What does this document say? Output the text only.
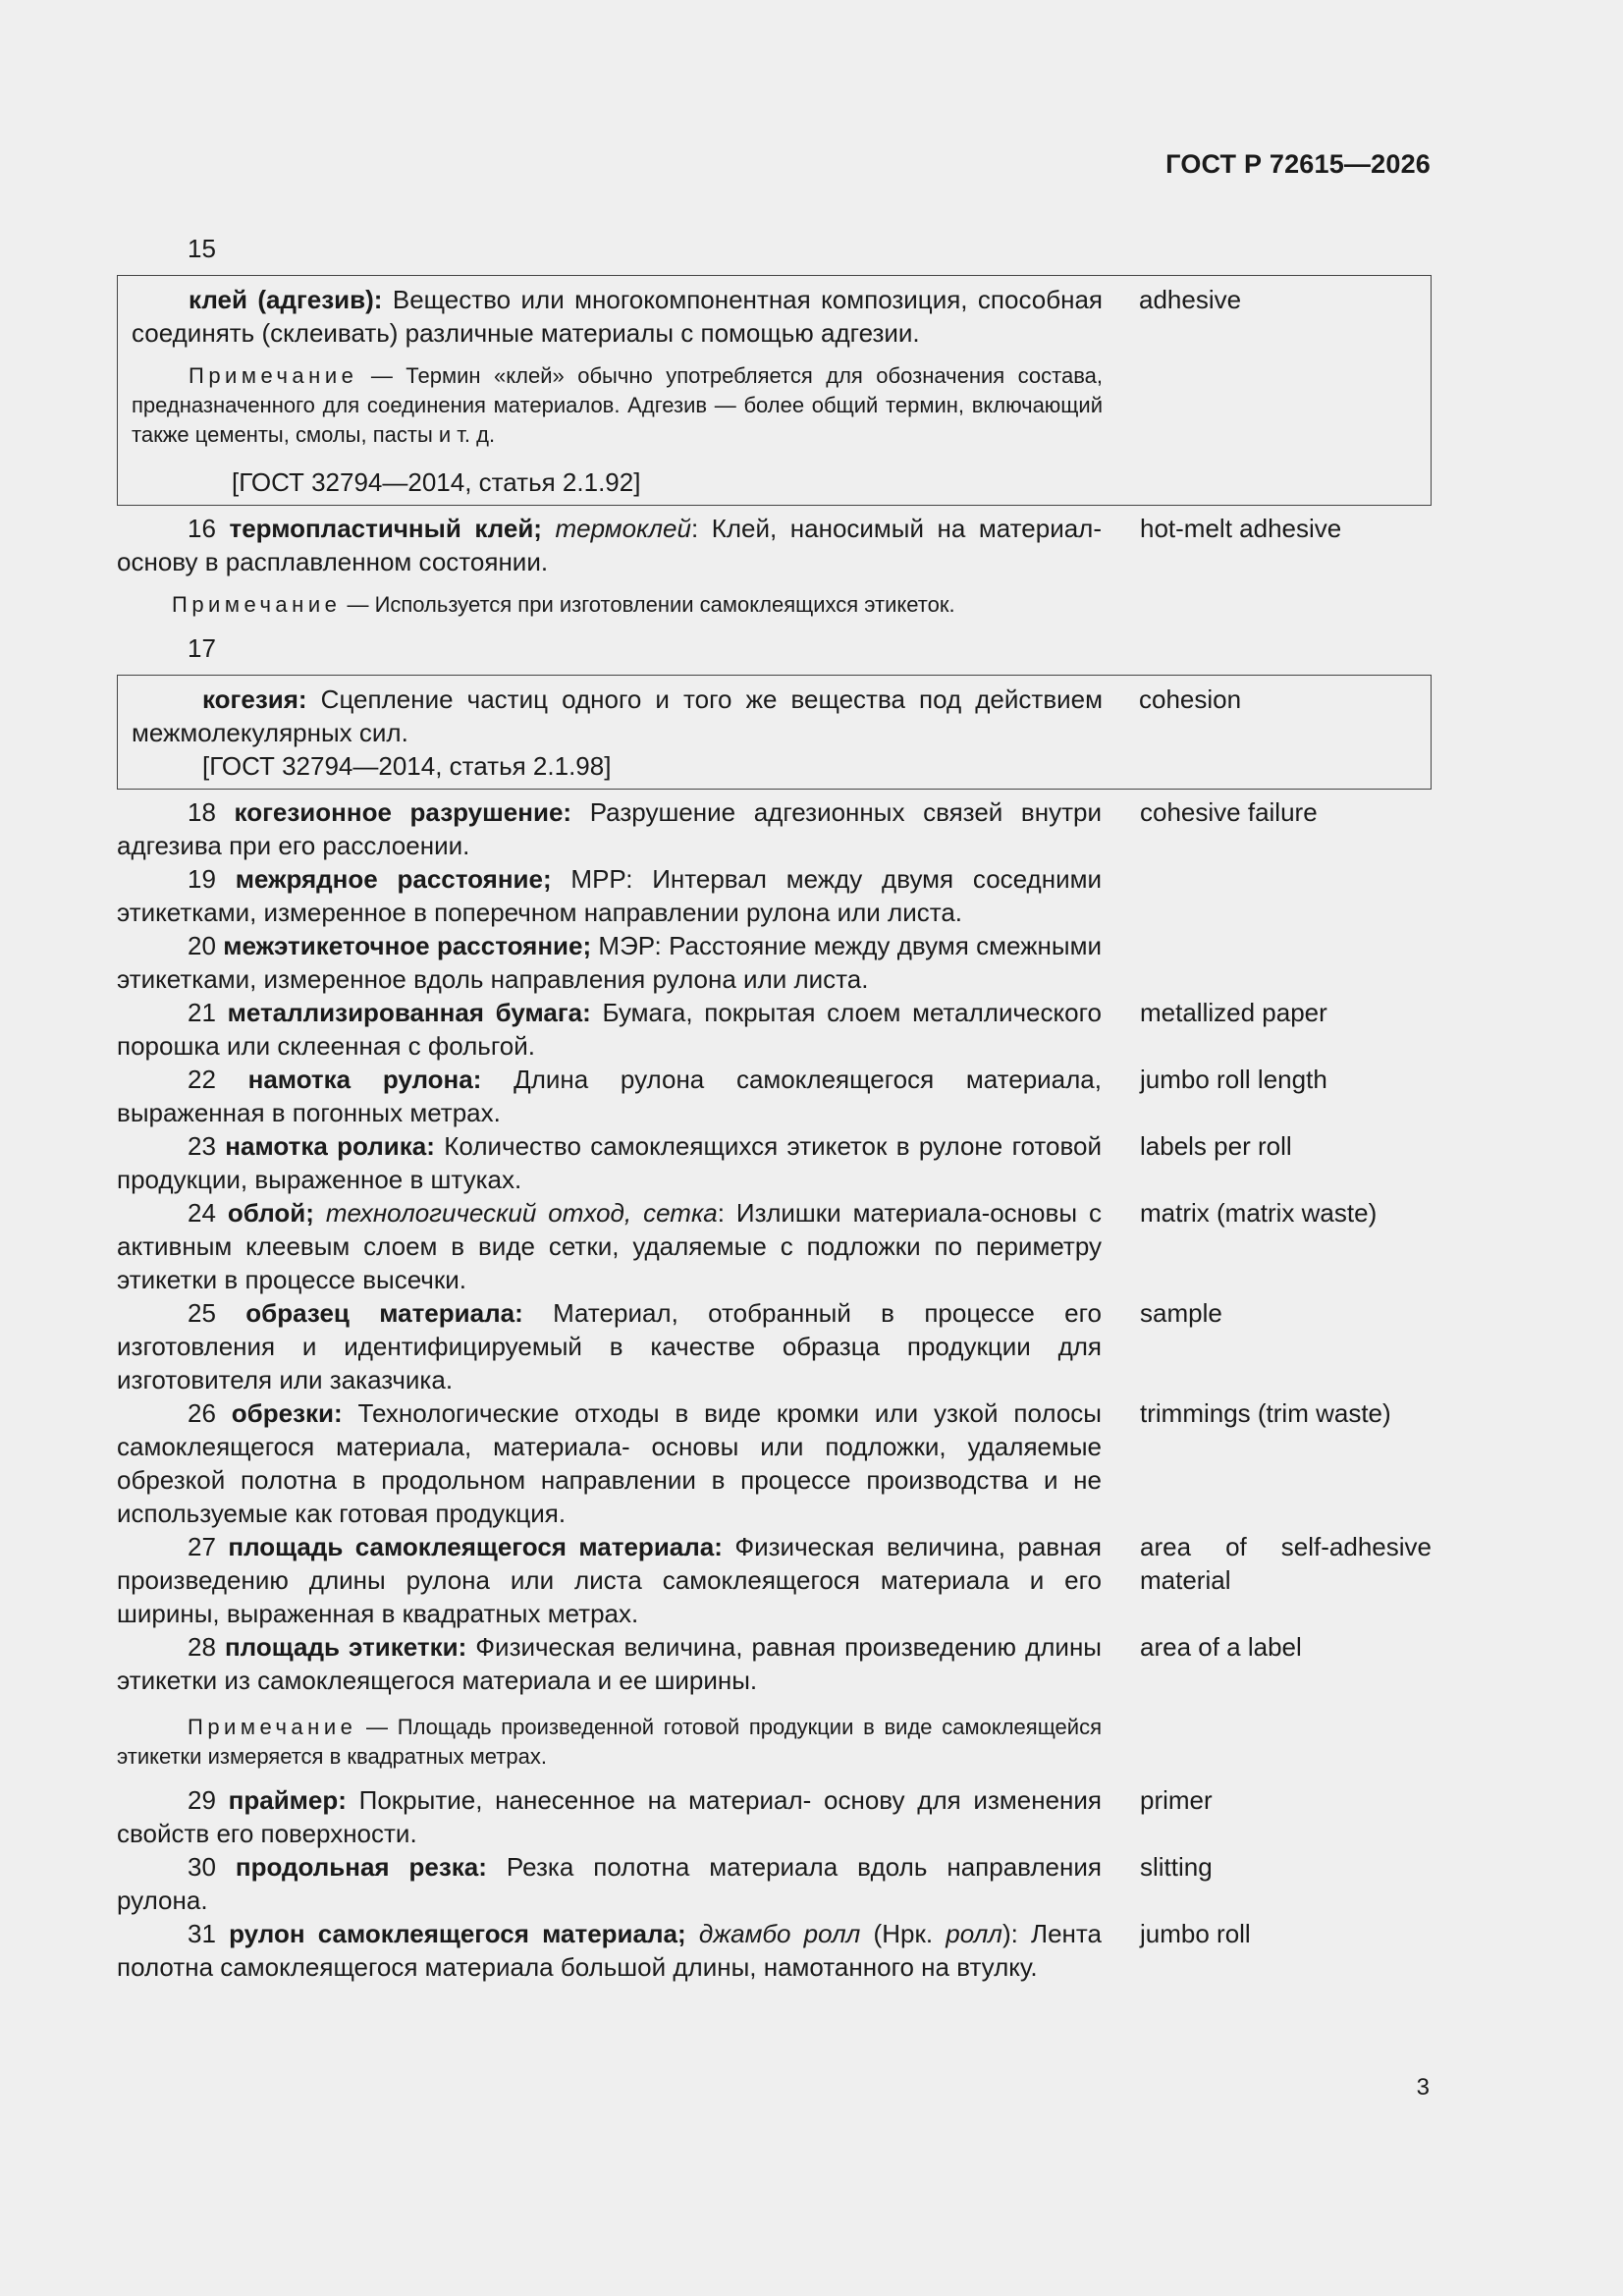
ГОСТ Р 72615—2026
15
клей (адгезив): Вещество или многокомпонентная композиция, способная соединять (склеивать) различные материалы с помощью адгезии.
Примечание — Термин «клей» обычно употребляется для обозначения состава, предназначенного для соединения материалов. Адгезив — более общий термин, включающий также цементы, смолы, пасты и т. д.
[ГОСТ 32794—2014, статья 2.1.92]
adhesive
16 термопластичный клей; термоклей: Клей, наносимый на материал-основу в расплавленном состоянии.
hot-melt adhesive
Примечание — Используется при изготовлении самоклеящихся этикеток.
17
когезия: Сцепление частиц одного и того же вещества под действием межмолекулярных сил.
[ГОСТ 32794—2014, статья 2.1.98]
cohesion
18 когезионное разрушение: Разрушение адгезионных связей внутри адгезива при его расслоении.
cohesive failure
19 межрядное расстояние; МРР: Интервал между двумя соседними этикетками, измеренное в поперечном направлении рулона или листа.
20 межэтикеточное расстояние; МЭР: Расстояние между двумя смежными этикетками, измеренное вдоль направления рулона или листа.
21 металлизированная бумага: Бумага, покрытая слоем металлического порошка или склеенная с фольгой.
metallized paper
22 намотка рулона: Длина рулона самоклеящегося материала, выраженная в погонных метрах.
jumbo roll length
23 намотка ролика: Количество самоклеящихся этикеток в рулоне готовой продукции, выраженное в штуках.
labels per roll
24 облой; технологический отход, сетка: Излишки материала-основы с активным клеевым слоем в виде сетки, удаляемые с подложки по периметру этикетки в процессе высечки.
matrix (matrix waste)
25 образец материала: Материал, отобранный в процессе его изготовления и идентифицируемый в качестве образца продукции для изготовителя или заказчика.
sample
26 обрезки: Технологические отходы в виде кромки или узкой полосы самоклеящегося материала, материала- основы или подложки, удаляемые обрезкой полотна в продольном направлении в процессе производства и не используемые как готовая продукция.
trimmings (trim waste)
27 площадь самоклеящегося материала: Физическая величина, равная произведению длины рулона или листа самоклеящегося материала и его ширины, выраженная в квадратных метрах.
area of self-adhesive material
28 площадь этикетки: Физическая величина, равная произведению длины этикетки из самоклеящегося материала и ее ширины.
area of a label
Примечание — Площадь произведенной готовой продукции в виде самоклеящейся этикетки измеряется в квадратных метрах.
29 праймер: Покрытие, нанесенное на материал- основу для изменения свойств его поверхности.
primer
30 продольная резка: Резка полотна материала вдоль направления рулона.
slitting
31 рулон самоклеящегося материала; джамбо ролл (Нрк. ролл): Лента полотна самоклеящегося материала большой длины, намотанного на втулку.
jumbo roll
3
